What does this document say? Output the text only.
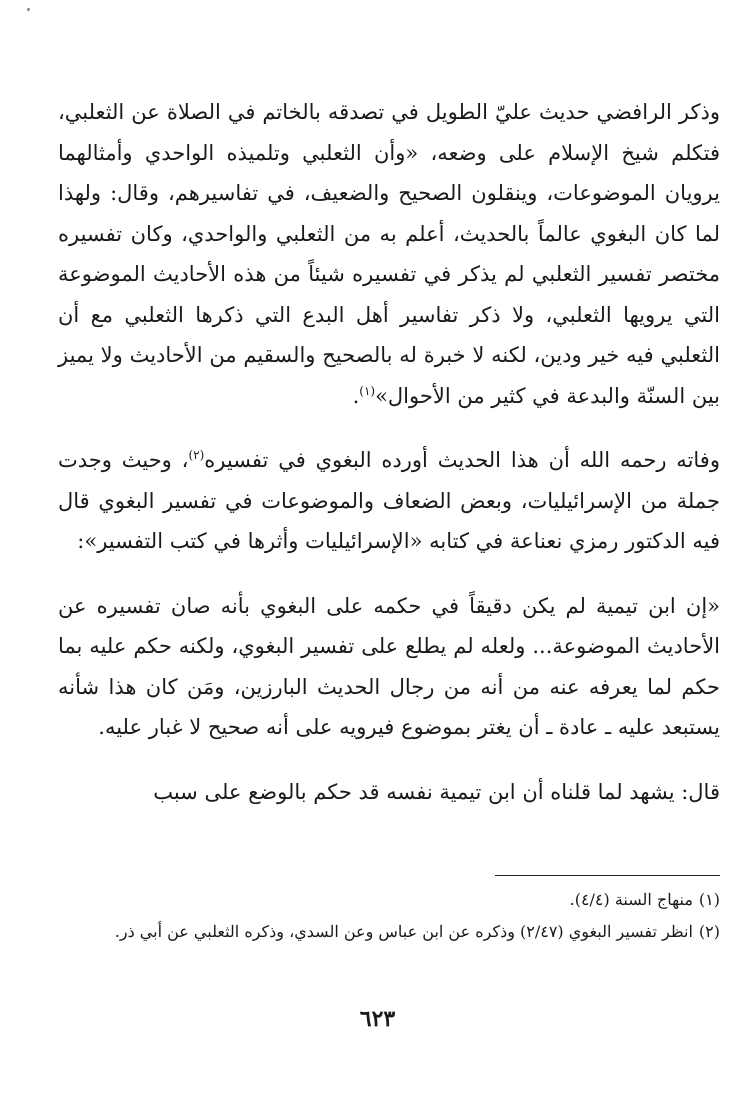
وذكر الرافضي حديث عليّ الطويل في تصدقه بالخاتم في الصلاة عن الثعلبي، فتكلم شيخ الإسلام على وضعه، «وأن الثعلبي وتلميذه الواحدي وأمثالهما يرويان الموضوعات، وينقلون الصحيح والضعيف، في تفاسيرهم، وقال: ولهذا لما كان البغوي عالماً بالحديث، أعلم به من الثعلبي والواحدي، وكان تفسيره مختصر تفسير الثعلبي لم يذكر في تفسيره شيئاً من هذه الأحاديث الموضوعة التي يرويها الثعلبي، ولا ذكر تفاسير أهل البدع التي ذكرها الثعلبي مع أن الثعلبي فيه خير ودين، لكنه لا خبرة له بالصحيح والسقيم من الأحاديث ولا يميز بين السنّة والبدعة في كثير من الأحوال»$^{(١)}$.

وفاته رحمه الله أن هذا الحديث أورده البغوي في تفسيره$^{(٢)}$، وحيث وجدت جملة من الإسرائيليات، وبعض الضعاف والموضوعات في تفسير البغوي قال فيه الدكتور رمزي نعناعة في كتابه «الإسرائيليات وأثرها في كتب التفسير»:

«إن ابن تيمية لم يكن دقيقاً في حكمه على البغوي بأنه صان تفسيره عن الأحاديث الموضوعة... ولعله لم يطلع على تفسير البغوي، ولكنه حكم عليه بما حكم لما يعرفه عنه من أنه من رجال الحديث البارزين، ومَن كان هذا شأنه يستبعد عليه ـ عادة ـ أن يغتر بموضوع فيرويه على أنه صحيح لا غبار عليه.

قال: يشهد لما قلناه أن ابن تيمية نفسه قد حكم بالوضع على سبب

(١)منهاج السنة (٤/٤).

(٢)انظر تفسير البغوي (٢/٤٧) وذكره عن ابن عباس وعن السدي، وذكره الثعلبي عن أبي ذر.

٦٢٣
